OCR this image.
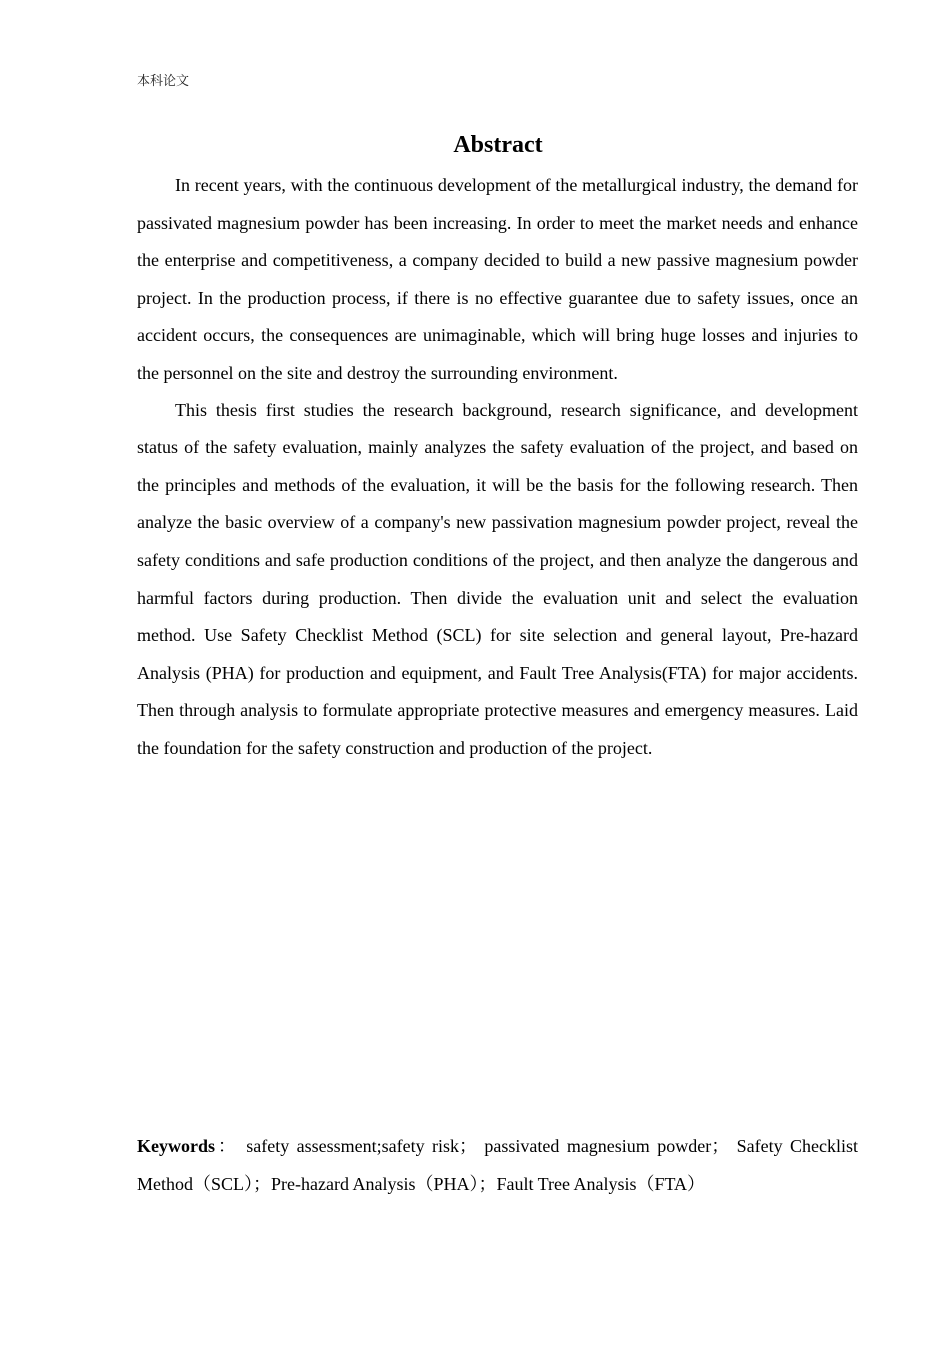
本科论文
Abstract

In recent years, with the continuous development of the metallurgical industry, the demand for passivated magnesium powder has been increasing. In order to meet the market needs and enhance the enterprise and competitiveness, a company decided to build a new passive magnesium powder project. In the production process, if there is no effective guarantee due to safety issues, once an accident occurs, the consequences are unimaginable, which will bring huge losses and injuries to the personnel on the site and destroy the surrounding environment.

This thesis first studies the research background, research significance, and development status of the safety evaluation, mainly analyzes the safety evaluation of the project, and based on the principles and methods of the evaluation, it will be the basis for the following research. Then analyze the basic overview of a company's new passivation magnesium powder project, reveal the safety conditions and safe production conditions of the project, and then analyze the dangerous and harmful factors during production. Then divide the evaluation unit and select the evaluation method. Use Safety Checklist Method (SCL) for site selection and general layout, Pre-hazard Analysis (PHA) for production and equipment, and Fault Tree Analysis(FTA) for major accidents. Then through analysis to formulate appropriate protective measures and emergency measures. Laid the foundation for the safety construction and production of the project.

Keywords： safety assessment;safety risk； passivated magnesium powder； Safety Checklist Method（SCL）；Pre-hazard Analysis（PHA）；Fault Tree Analysis（FTA）
